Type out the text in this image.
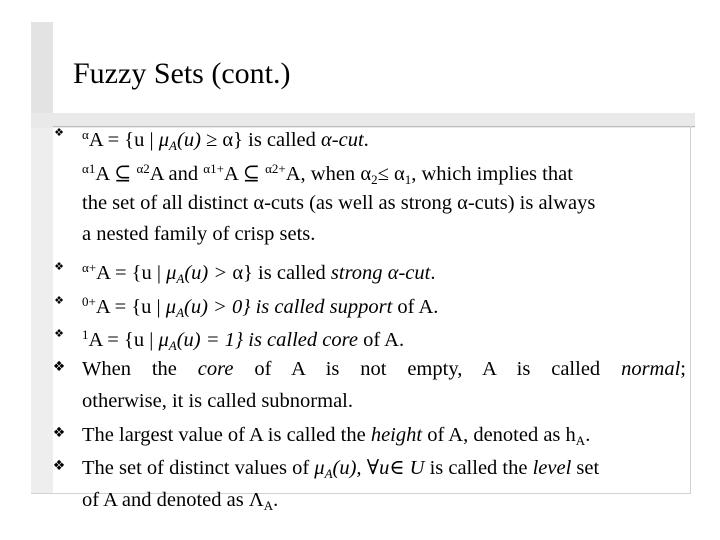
Fuzzy Sets (cont.)
❖ $^\alpha$A = {u | $\mu_A(u) \ge \alpha$} is called α-cut.
$^{\alpha 1}$A ⊆ $^{\alpha 2}$A and $^{\alpha 1+}$A ⊆ $^{\alpha 2+}$A, when $\alpha_2\le \alpha_1$, which implies that
the set of all distinct α-cuts (as well as strong α-cuts) is always
a nested family of crisp sets.
❖ $^{\alpha+}$A = {u | $\mu_A(u) > \alpha$} is called strong α-cut.
❖ $^{0+}$A = {u | $\mu_A(u) > 0$} is called support of A.
❖ $^1$A = {u | $\mu_A(u) = 1$} is called core of A.
❖ When the core of A is not empty, A is called normal;
otherwise, it is called subnormal.
❖ The largest value of A is called the height of A, denoted as $h_A$.
❖ The set of distinct values of $\mu_A(u)$, ∀u∈ U is called the level set
of A and denoted as $\Lambda_A$.
